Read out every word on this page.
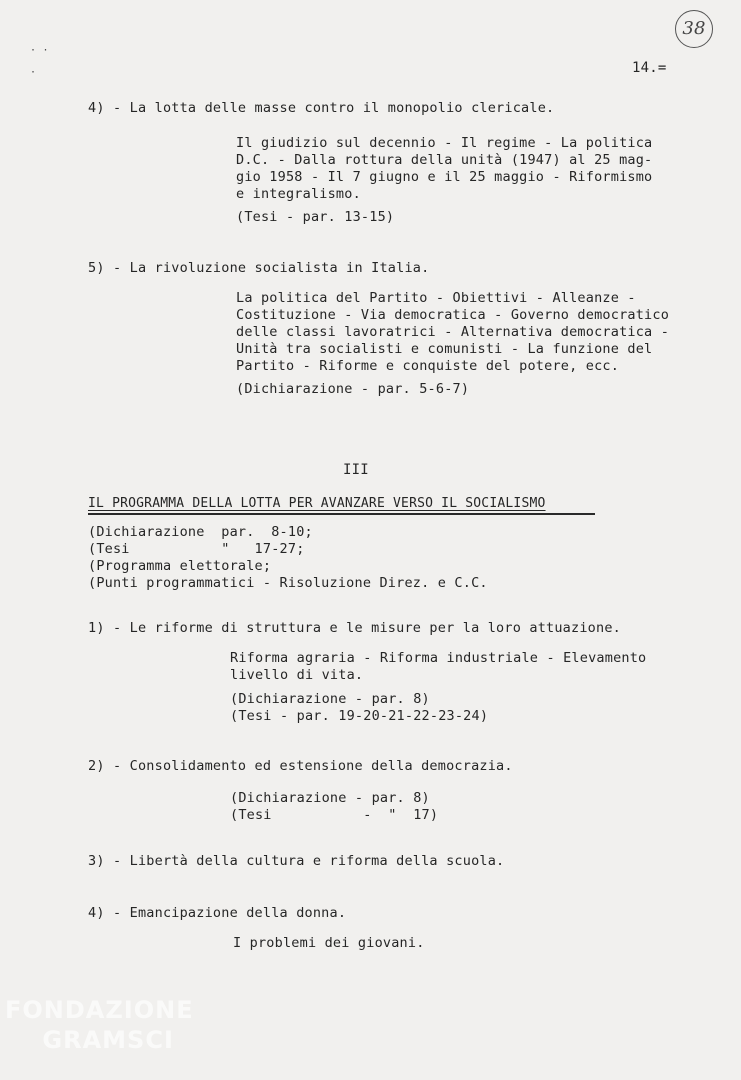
· ·
·
38
14.=
4) - La lotta delle masse contro il monopolio clericale.
Il giudizio sul decennio - Il regime - La politica
D.C. - Dalla rottura della unità (1947) al 25 mag-
gio 1958 - Il 7 giugno e il 25 maggio - Riformismo
e integralismo.
(Tesi - par. 13-15)
5) - La rivoluzione socialista in Italia.
La politica del Partito - Obiettivi - Alleanze -
Costituzione - Via democratica - Governo democratico
delle classi lavoratrici - Alternativa democratica -
Unità tra socialisti e comunisti - La funzione del
Partito - Riforme e conquiste del potere, ecc.
(Dichiarazione - par. 5-6-7)
III
IL PROGRAMMA DELLA LOTTA PER AVANZARE VERSO IL SOCIALISMO
(Dichiarazione  par.  8-10;
(Tesi           "   17-27;
(Programma elettorale;
(Punti programmatici - Risoluzione Direz. e C.C.
1) - Le riforme di struttura e le misure per la loro attuazione.
Riforma agraria - Riforma industriale - Elevamento
livello di vita.
(Dichiarazione - par. 8)
(Tesi - par. 19-20-21-22-23-24)
2) - Consolidamento ed estensione della democrazia.
(Dichiarazione - par. 8)
(Tesi           -  "  17)
3) - Libertà della cultura e riforma della scuola.
4) - Emancipazione della donna.
I problemi dei giovani.
FONDAZIONE
GRAMSCI
